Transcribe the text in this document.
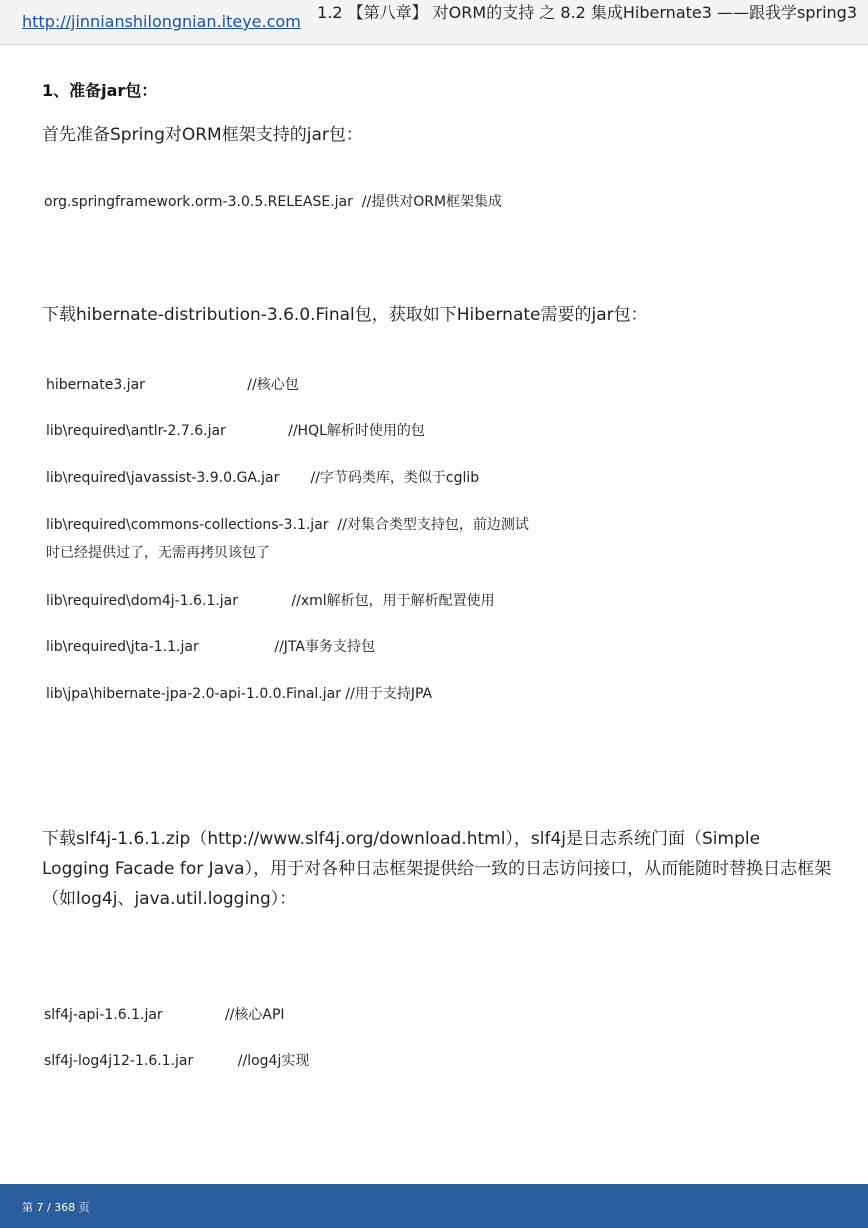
http://jinnianshilongnian.iteye.com 1.2 【第八章】 对ORM的支持 之 8.2 集成Hibernate3 ——跟我学spring3
1、准备jar包：
首先准备Spring对ORM框架支持的jar包：
org.springframework.orm-3.0.5.RELEASE.jar  //提供对ORM框架集成
下载hibernate-distribution-3.6.0.Final包，获取如下Hibernate需要的jar包：
hibernate3.jar                       //核心包
lib\required\antlr-2.7.6.jar              //HQL解析时使用的包
lib\required\javassist-3.9.0.GA.jar       //字节码类库，类似于cglib
lib\required\commons-collections-3.1.jar  //对集合类型支持包，前边测试
时已经提供过了，无需再拷贝该包了
lib\required\dom4j-1.6.1.jar            //xml解析包，用于解析配置使用
lib\required\jta-1.1.jar                 //JTA事务支持包
lib\jpa\hibernate-jpa-2.0-api-1.0.0.Final.jar //用于支持JPA
下载slf4j-1.6.1.zip（http://www.slf4j.org/download.html），slf4j是日志系统门面（Simple Logging Facade for Java），用于对各种日志框架提供给一致的日志访问接口，从而能随时替换日志框架（如log4j、java.util.logging）：
slf4j-api-1.6.1.jar              //核心API
slf4j-log4j12-1.6.1.jar          //log4j实现
第 7 / 368 页
